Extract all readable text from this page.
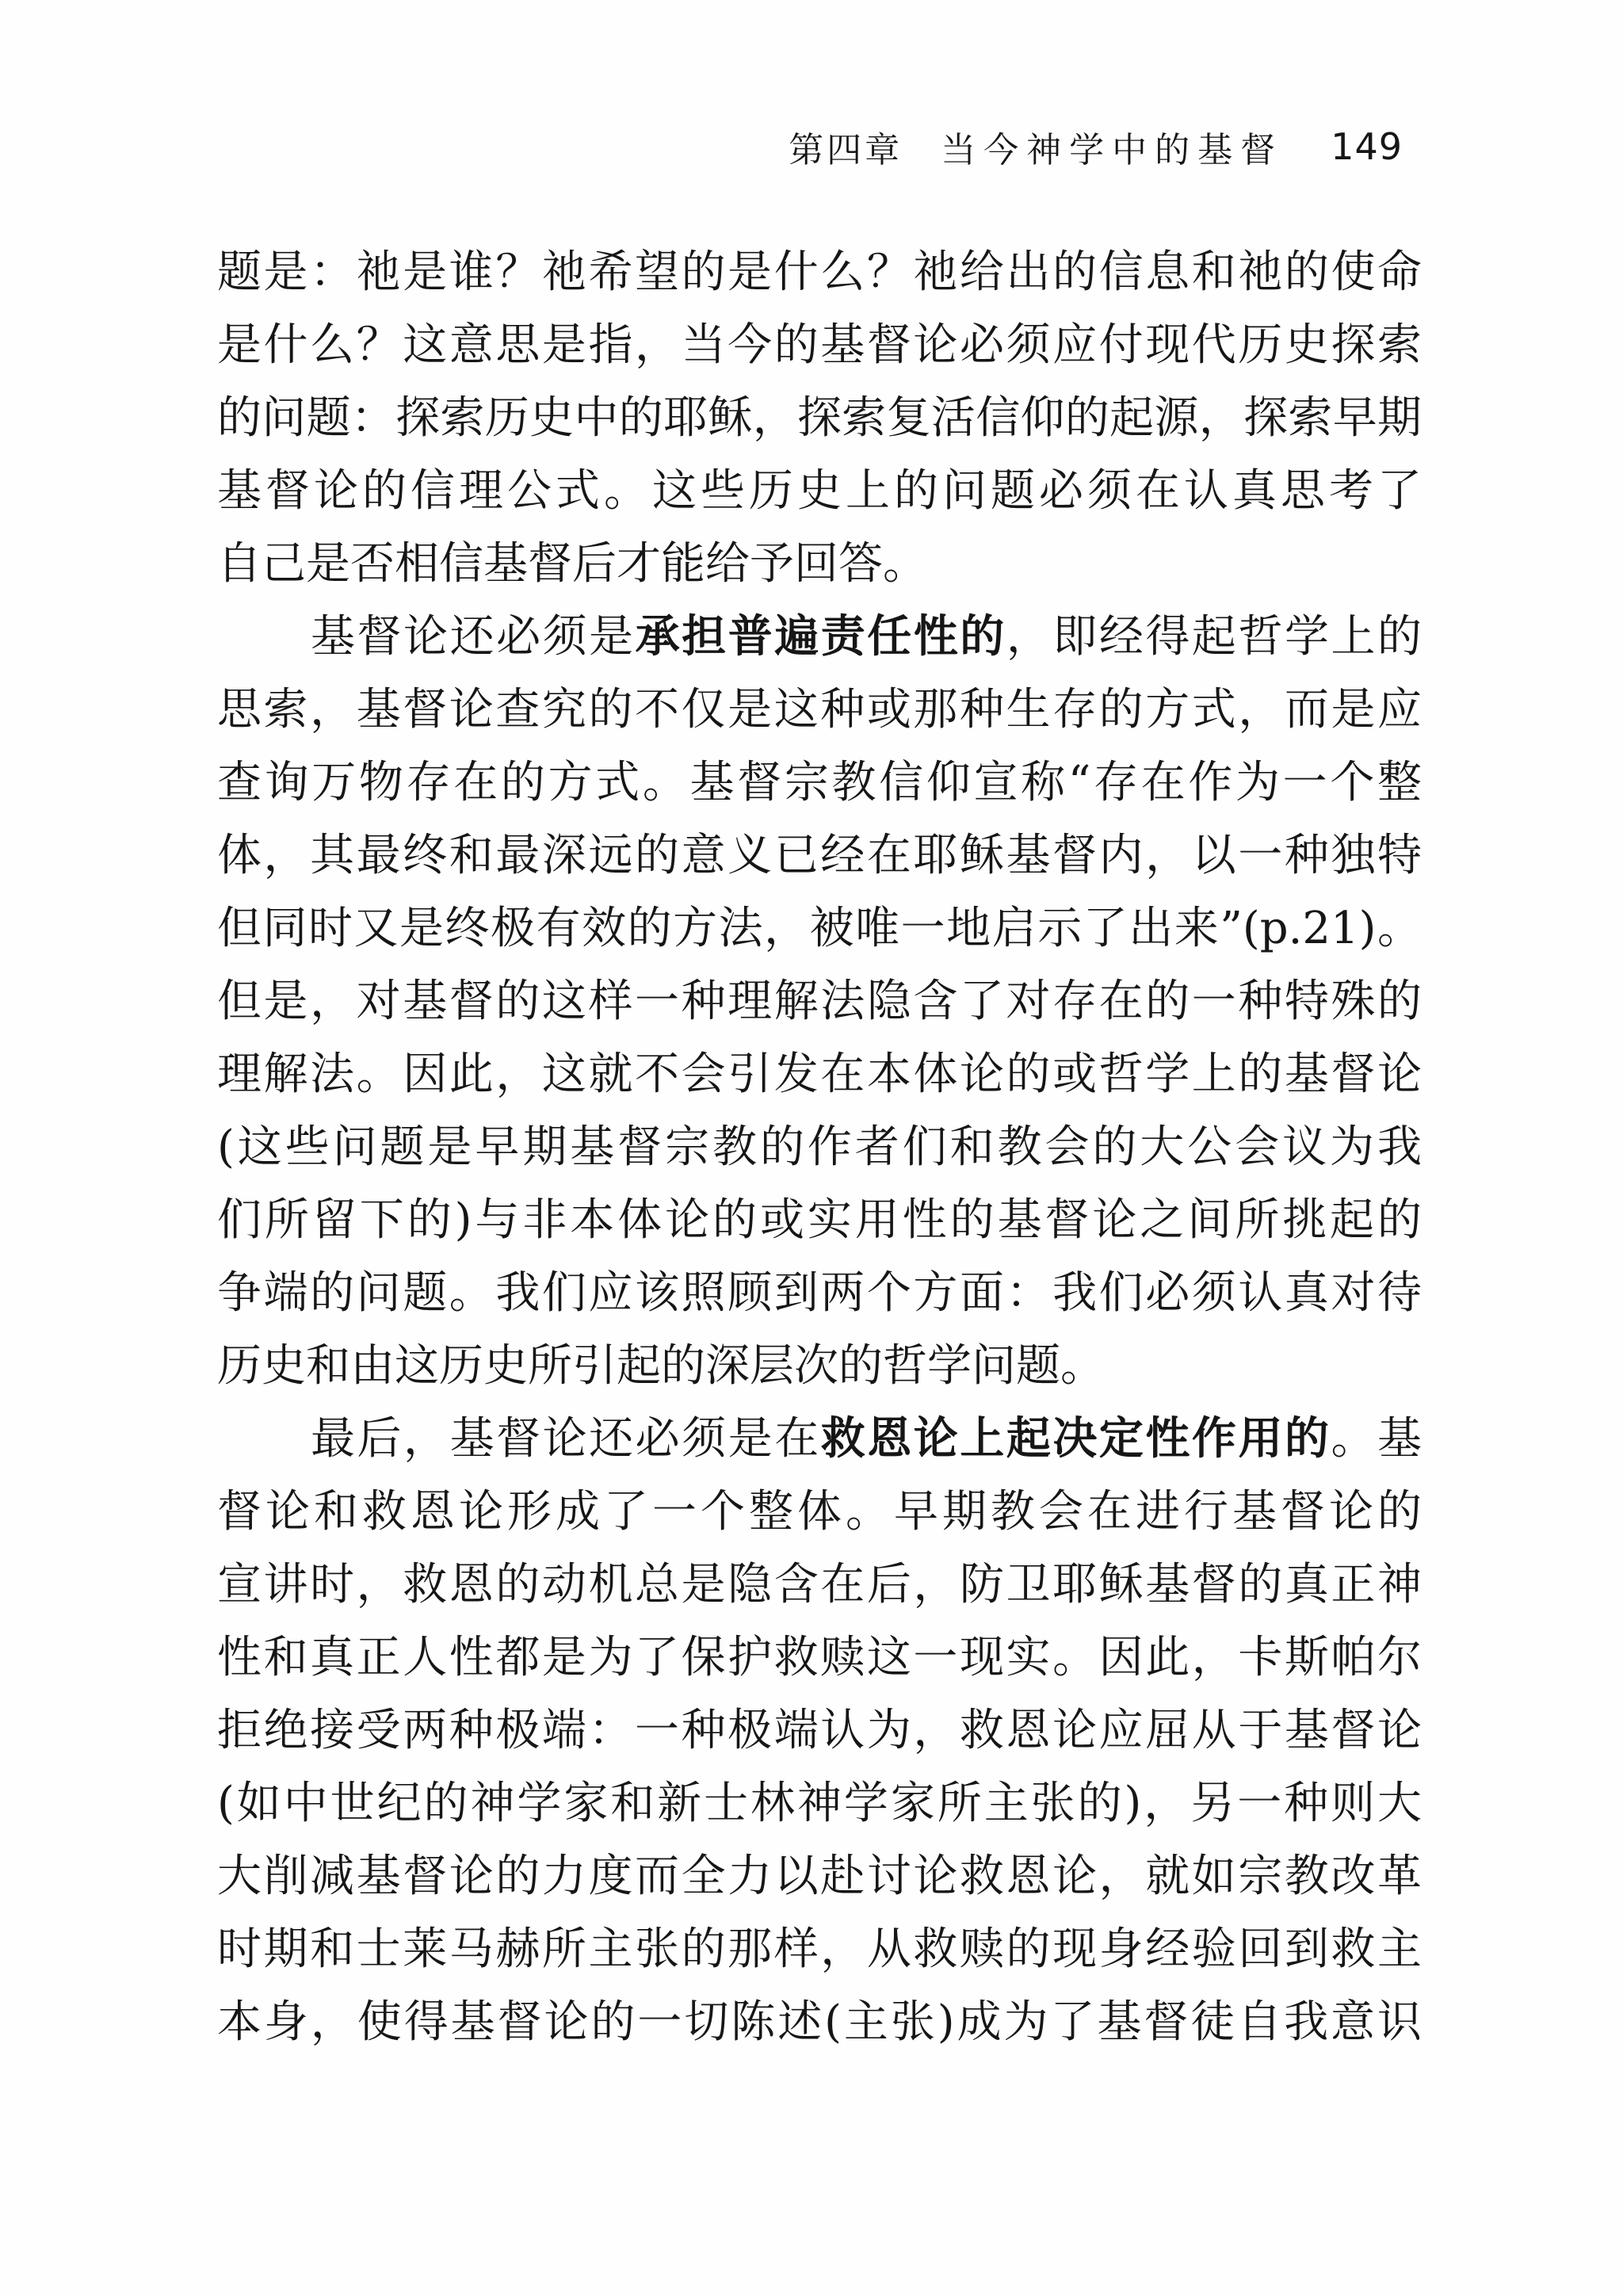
第四章 当今神学中的基督 149
题是：祂是谁？祂希望的是什么？祂给出的信息和祂的使命
是什么？这意思是指，当今的基督论必须应付现代历史探索
的问题：探索历史中的耶稣，探索复活信仰的起源，探索早期
基督论的信理公式。这些历史上的问题必须在认真思考了
自己是否相信基督后才能给予回答。
基督论还必须是承担普遍责任性的，即经得起哲学上的
思索，基督论查究的不仅是这种或那种生存的方式，而是应
查询万物存在的方式。基督宗教信仰宣称“存在作为一个整
体，其最终和最深远的意义已经在耶稣基督内，以一种独特
但同时又是终极有效的方法，被唯一地启示了出来”(p.21)。
但是，对基督的这样一种理解法隐含了对存在的一种特殊的
理解法。因此，这就不会引发在本体论的或哲学上的基督论
(这些问题是早期基督宗教的作者们和教会的大公会议为我
们所留下的)与非本体论的或实用性的基督论之间所挑起的
争端的问题。我们应该照顾到两个方面：我们必须认真对待
历史和由这历史所引起的深层次的哲学问题。
最后，基督论还必须是在救恩论上起决定性作用的。基
督论和救恩论形成了一个整体。早期教会在进行基督论的
宣讲时，救恩的动机总是隐含在后，防卫耶稣基督的真正神
性和真正人性都是为了保护救赎这一现实。因此，卡斯帕尔
拒绝接受两种极端：一种极端认为，救恩论应屈从于基督论
(如中世纪的神学家和新士林神学家所主张的)，另一种则大
大削减基督论的力度而全力以赴讨论救恩论，就如宗教改革
时期和士莱马赫所主张的那样，从救赎的现身经验回到救主
本身，使得基督论的一切陈述(主张)成为了基督徒自我意识
